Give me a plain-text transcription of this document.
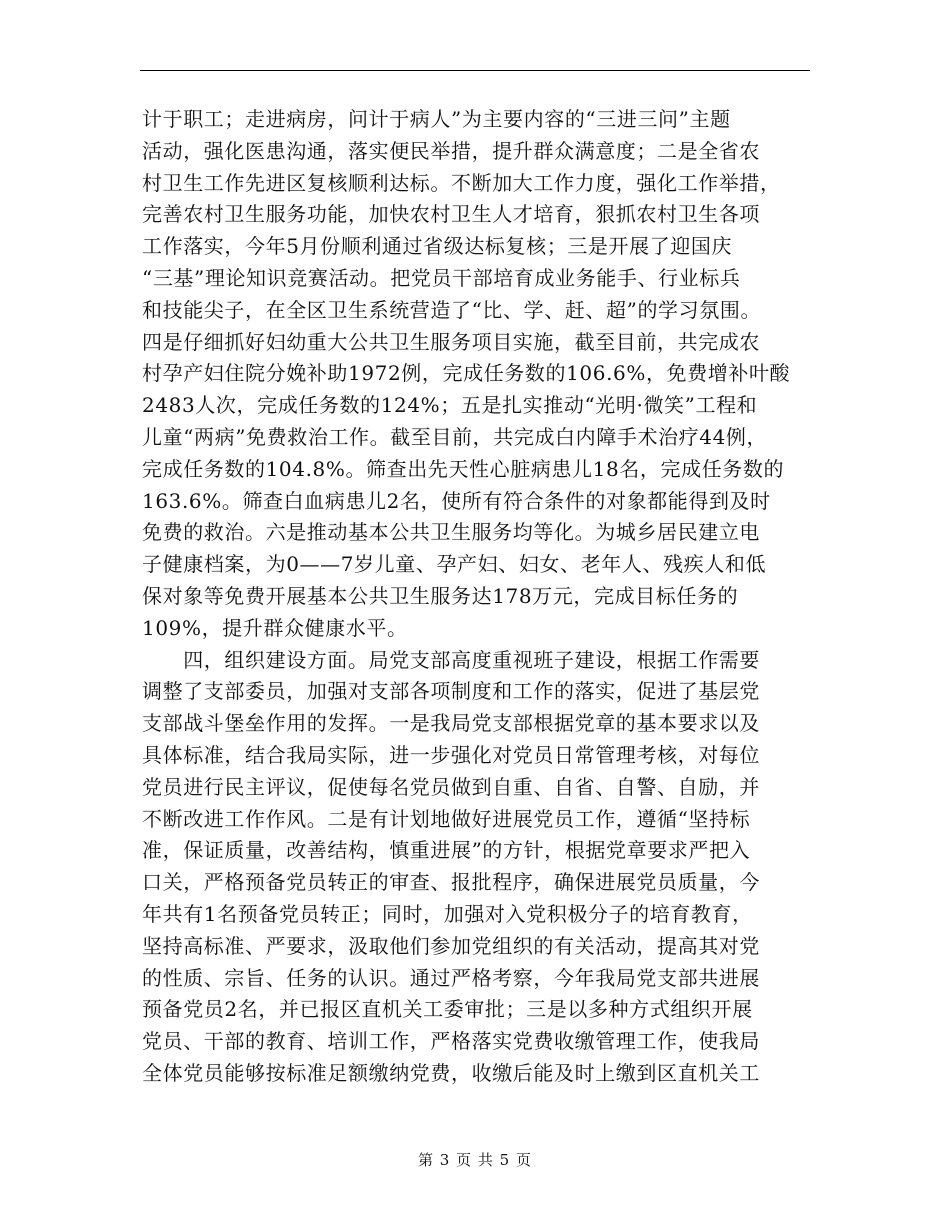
计于职工；走进病房，问计于病人”为主要内容的“三进三问”主题
活动，强化医患沟通，落实便民举措，提升群众满意度；二是全省农
村卫生工作先进区复核顺利达标。不断加大工作力度，强化工作举措，
完善农村卫生服务功能，加快农村卫生人才培育，狠抓农村卫生各项
工作落实，今年5月份顺利通过省级达标复核；三是开展了迎国庆
“三基”理论知识竞赛活动。把党员干部培育成业务能手、行业标兵
和技能尖子，在全区卫生系统营造了“比、学、赶、超”的学习氛围。
四是仔细抓好妇幼重大公共卫生服务项目实施，截至目前，共完成农
村孕产妇住院分娩补助1972例，完成任务数的106.6%，免费增补叶酸
2483人次，完成任务数的124%；五是扎实推动“光明·微笑”工程和
儿童“两病”免费救治工作。截至目前，共完成白内障手术治疗44例，
完成任务数的104.8%。筛查出先天性心脏病患儿18名，完成任务数的
163.6%。筛查白血病患儿2名，使所有符合条件的对象都能得到及时
免费的救治。六是推动基本公共卫生服务均等化。为城乡居民建立电
子健康档案，为0——7岁儿童、孕产妇、妇女、老年人、残疾人和低
保对象等免费开展基本公共卫生服务达178万元，完成目标任务的
109%，提升群众健康水平。
　　四，组织建设方面。局党支部高度重视班子建设，根据工作需要
调整了支部委员，加强对支部各项制度和工作的落实，促进了基层党
支部战斗堡垒作用的发挥。一是我局党支部根据党章的基本要求以及
具体标准，结合我局实际，进一步强化对党员日常管理考核，对每位
党员进行民主评议，促使每名党员做到自重、自省、自警、自励，并
不断改进工作作风。二是有计划地做好进展党员工作，遵循“坚持标
准，保证质量，改善结构，慎重进展”的方针，根据党章要求严把入
口关，严格预备党员转正的审查、报批程序，确保进展党员质量，今
年共有1名预备党员转正；同时，加强对入党积极分子的培育教育，
坚持高标准、严要求，汲取他们参加党组织的有关活动，提高其对党
的性质、宗旨、任务的认识。通过严格考察，今年我局党支部共进展
预备党员2名，并已报区直机关工委审批；三是以多种方式组织开展
党员、干部的教育、培训工作，严格落实党费收缴管理工作，使我局
全体党员能够按标准足额缴纳党费，收缴后能及时上缴到区直机关工
第 3 页 共 5 页
